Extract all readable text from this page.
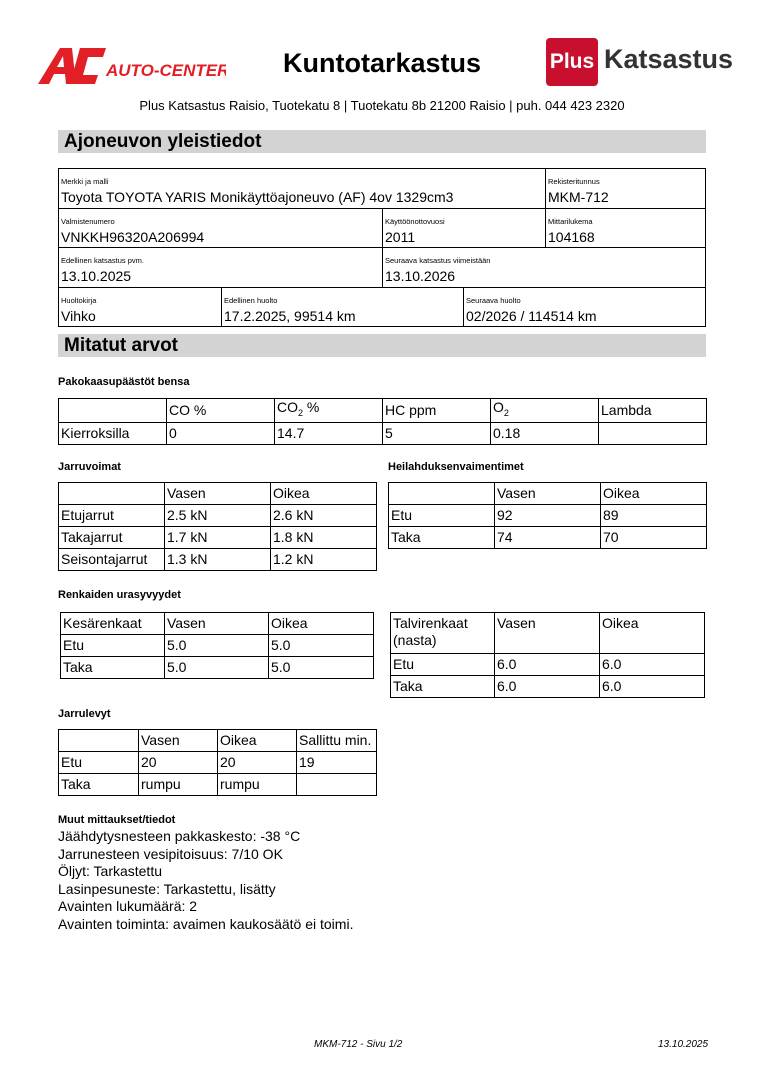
AUTO-CENTER	Kuntotarkastus	Plus Katsastus
Plus Katsastus Raisio, Tuotekatu 8 | Tuotekatu 8b 21200 Raisio | puh. 044 423 2320
Ajoneuvon yleistiedot
Merkki ja malli
Toyota TOYOTA YARIS Monikäyttöajoneuvo (AF) 4ov 1329cm3
Rekisteritunnus
MKM-712
Valmistenumero
VNKKH96320A206994
Käyttöönottovuosi
2011
Mittarilukema
104168
Edellinen katsastus pvm.
13.10.2025
Seuraava katsastus viimeistään
13.10.2026
Huoltokirja
Vihko
Edellinen huolto
17.2.2025, 99514 km
Seuraava huolto
02/2026 / 114514 km
Mitatut arvot
Pakokaasupäästöt bensa
	CO %	$CO_2$ %	HC ppm	$O_2$	Lambda
Kierroksilla	0	14.7	5	0.18	
Jarruvoimat
	Vasen	Oikea
Etujarrut	2.5 kN	2.6 kN
Takajarrut	1.7 kN	1.8 kN
Seisontajarrut	1.3 kN	1.2 kN
Heilahduksenvaimentimet
	Vasen	Oikea
Etu	92	89
Taka	74	70
Renkaiden urasyvyydet
Kesärenkaat	Vasen	Oikea
Etu	5.0	5.0
Taka	5.0	5.0
Talvirenkaat (nasta)	Vasen	Oikea
Etu	6.0	6.0
Taka	6.0	6.0
Jarrulevyt
	Vasen	Oikea	Sallittu min.
Etu	20	20	19
Taka	rumpu	rumpu	
Muut mittaukset/tiedot
Jäähdytysnesteen pakkaskesto: -38 °C
Jarrunesteen vesipitoisuus: 7/10 OK
Öljyt: Tarkastettu
Lasinpesuneste: Tarkastettu, lisätty
Avainten lukumäärä: 2
Avainten toiminta: avaimen kaukosäätö ei toimi.
MKM-712 - Sivu 1/2	13.10.2025
